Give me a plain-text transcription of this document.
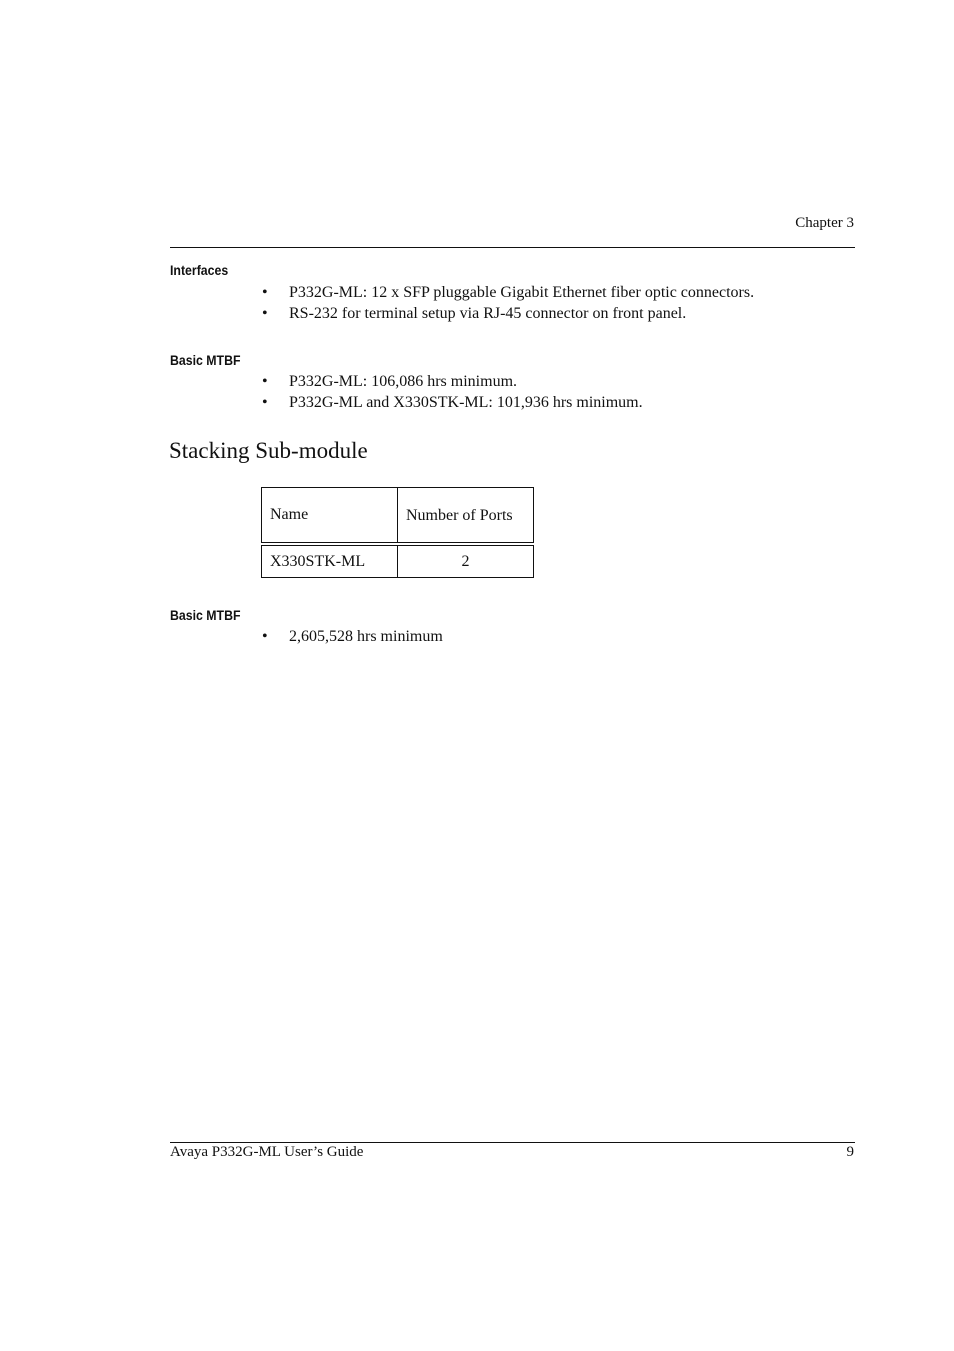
Chapter 3
Interfaces
• P332G-ML: 12 x SFP pluggable Gigabit Ethernet fiber optic connectors.
• RS-232 for terminal setup via RJ-45 connector on front panel.
Basic MTBF
• P332G-ML: 106,086 hrs minimum.
• P332G-ML and X330STK-ML: 101,936 hrs minimum.
Stacking Sub-module
Name	Number of Ports
X330STK-ML	2
Basic MTBF
• 2,605,528 hrs minimum
Avaya P332G-ML User’s Guide	9
